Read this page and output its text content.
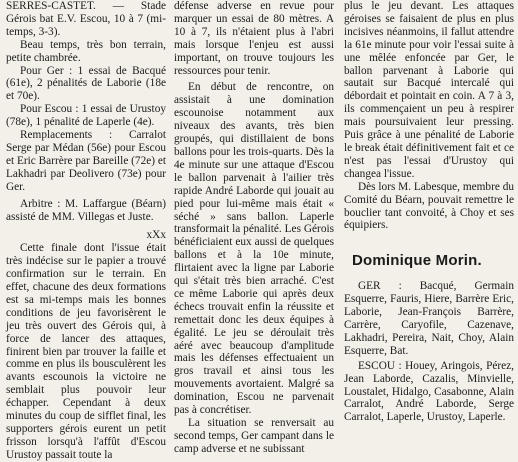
SERRES-CASTET. — Stade Gérois bat E.V. Escou, 10 à 7 (mi-temps, 3-3).

Beau temps, très bon terrain, petite chambrée.

Pour Ger : 1 essai de Bacqué (61e), 2 pénalités de Laborie (18e et 70e).

Pour Escou : 1 essai de Urustoy (78e), 1 pénalité de Laperle (4e).

Remplacements : Carralot Serge par Médan (56e) pour Escou et Eric Barrère par Bareille (72e) et Lakhadri par Deolivero (73e) pour Ger.

Arbitre : M. Laffargue (Béarn) assisté de MM. Villegas et Juste.

xXx

Cette finale dont l'issue était très indécise sur le papier a trouvé confirmation sur le terrain. En effet, chacune des deux formations est sa mi-temps mais les bonnes conditions de jeu favorisèrent le jeu très ouvert des Gérois qui, à force de lancer des attaques, finirent bien par trouver la faille et comme en plus ils bousculèrent les avants escounois la victoire ne semblait plus pouvoir leur échapper. Cependant à deux minutes du coup de sifflet final, les supporters gérois eurent un petit frisson lorsqu'à l'affût d'Escou Urustoy passait toute la

défense adverse en revue pour marquer un essai de 80 mètres. A 10 à 7, ils n'étaient plus à l'abri mais lorsque l'enjeu est aussi important, on trouve toujours les ressources pour tenir.

En début de rencontre, on assistait à une domination escounoise notamment aux niveaux des avants, très bien groupés, qui distillaient de bons ballons pour les trois-quarts. Dès la 4e minute sur une attaque d'Escou le ballon parvenait à l'ailier très rapide André Laborde qui jouait au pied pour lui-même mais était « séché » sans ballon. Laperle transformait la pénalité. Les Gérois bénéficiaient eux aussi de quelques ballons et à la 10e minute, flirtaient avec la ligne par Laborie qui s'était très bien arraché. C'est ce même Laborie qui après deux échecs trouvait enfin la réussite et remettait donc les deux équipes à égalité. Le jeu se déroulait très aéré avec beaucoup d'amplitude mais les défenses effectuaient un gros travail et ainsi tous les mouvements avortaient. Malgré sa domination, Escou ne parvenait pas à concrétiser.

La situation se renversait au second temps, Ger campant dans le camp adverse et ne subissant

plus le jeu devant. Les attaques géroises se faisaient de plus en plus incisives néanmoins, il fallut attendre la 61e minute pour voir l'essai suite à une mêlée enfoncée par Ger, le ballon parvenant à Laborie qui sautait sur Bacqué intercalé qui débordait et pointait en coin. A 7 à 3, ils commençaient un peu à respirer mais poursuivaient leur pressing. Puis grâce à une pénalité de Laborie le break était définitivement fait et ce n'est pas l'essai d'Urustoy qui changea l'issue.

Dès lors M. Labesque, membre du Comité du Béarn, pouvait remettre le bouclier tant convoité, à Choy et ses équipiers.

Dominique Morin.

GER : Bacqué, Germain Esquerre, Fauris, Hiere, Barrère Eric, Laborie, Jean-François Barrère, Carrère, Caryofile, Cazenave, Lakhadri, Pereira, Nait, Choy, Alain Esquerre, Bat.

ESCOU : Houey, Aringois, Pérez, Jean Laborde, Cazalis, Minvielle, Loustalet, Hidalgo, Casabonne, Alain Carralot, André Laborde, Serge Carralot, Laperle, Urustoy, Laperle.
